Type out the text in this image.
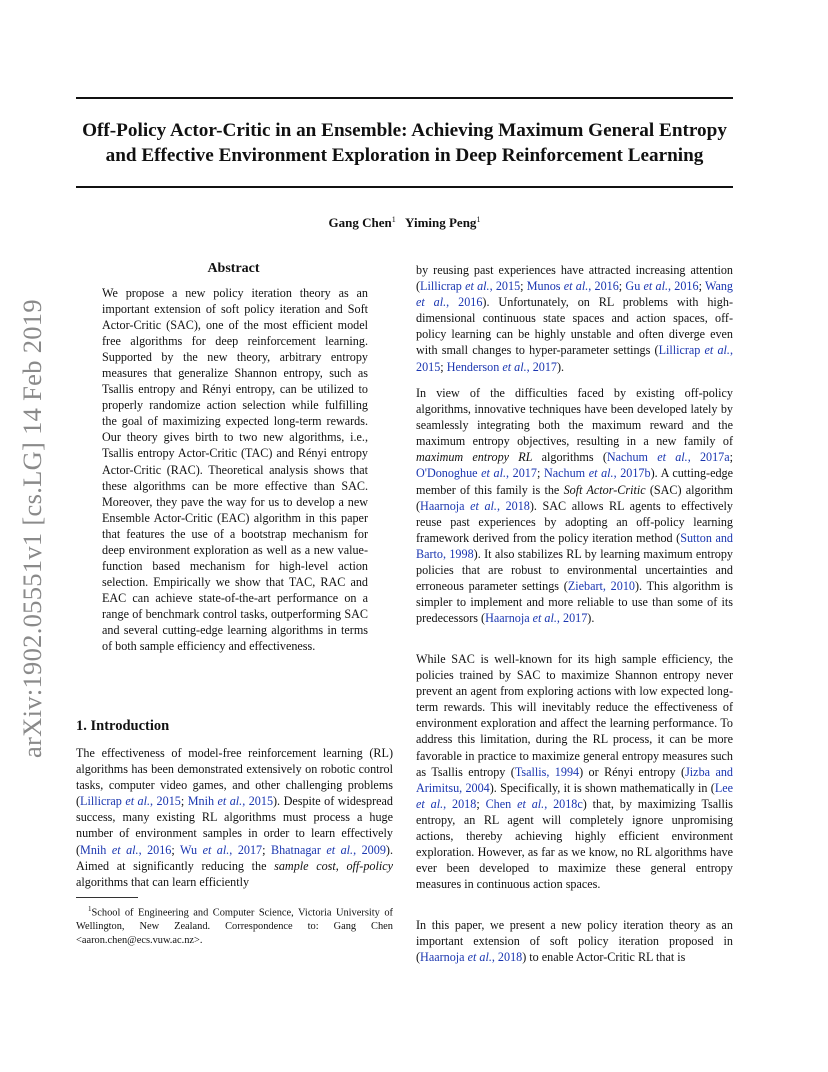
Off-Policy Actor-Critic in an Ensemble: Achieving Maximum General Entropy and Effective Environment Exploration in Deep Reinforcement Learning
Gang Chen$^1$ Yiming Peng$^1$
arXiv:1902.05551v1 [cs.LG] 14 Feb 2019
Abstract

We propose a new policy iteration theory as an important extension of soft policy iteration and Soft Actor-Critic (SAC), one of the most efficient model free algorithms for deep reinforcement learning. Supported by the new theory, arbitrary entropy measures that generalize Shannon entropy, such as Tsallis entropy and Rényi entropy, can be utilized to properly randomize action selection while fulfilling the goal of maximizing expected long-term rewards. Our theory gives birth to two new algorithms, i.e., Tsallis entropy Actor-Critic (TAC) and Rényi entropy Actor-Critic (RAC). Theoretical analysis shows that these algorithms can be more effective than SAC. Moreover, they pave the way for us to develop a new Ensemble Actor-Critic (EAC) algorithm in this paper that features the use of a bootstrap mechanism for deep environment exploration as well as a new value-function based mechanism for high-level action selection. Empirically we show that TAC, RAC and EAC can achieve state-of-the-art performance on a range of benchmark control tasks, outperforming SAC and several cutting-edge learning algorithms in terms of both sample efficiency and effectiveness.

1. Introduction

The effectiveness of model-free reinforcement learning (RL) algorithms has been demonstrated extensively on robotic control tasks, computer video games, and other challenging problems (Lillicrap et al., 2015; Mnih et al., 2015). Despite of widespread success, many existing RL algorithms must process a huge number of environment samples in order to learn effectively (Mnih et al., 2016; Wu et al., 2017; Bhatnagar et al., 2009). Aimed at significantly reducing the sample cost, off-policy algorithms that can learn efficiently

$^1$School of Engineering and Computer Science, Victoria University of Wellington, New Zealand. Correspondence to: Gang Chen <aaron.chen@ecs.vuw.ac.nz>.

by reusing past experiences have attracted increasing attention (Lillicrap et al., 2015; Munos et al., 2016; Gu et al., 2016; Wang et al., 2016). Unfortunately, on RL problems with high-dimensional continuous state spaces and action spaces, off-policy learning can be highly unstable and often diverge even with small changes to hyper-parameter settings (Lillicrap et al., 2015; Henderson et al., 2017).

In view of the difficulties faced by existing off-policy algorithms, innovative techniques have been developed lately by seamlessly integrating both the maximum reward and the maximum entropy objectives, resulting in a new family of maximum entropy RL algorithms (Nachum et al., 2017a; O'Donoghue et al., 2017; Nachum et al., 2017b). A cutting-edge member of this family is the Soft Actor-Critic (SAC) algorithm (Haarnoja et al., 2018). SAC allows RL agents to effectively reuse past experiences by adopting an off-policy learning framework derived from the policy iteration method (Sutton and Barto, 1998). It also stabilizes RL by learning maximum entropy policies that are robust to environmental uncertainties and erroneous parameter settings (Ziebart, 2010). This algorithm is simpler to implement and more reliable to use than some of its predecessors (Haarnoja et al., 2017).

While SAC is well-known for its high sample efficiency, the policies trained by SAC to maximize Shannon entropy never prevent an agent from exploring actions with low expected long-term rewards. This will inevitably reduce the effectiveness of environment exploration and affect the learning performance. To address this limitation, during the RL process, it can be more favorable in practice to maximize general entropy measures such as Tsallis entropy (Tsallis, 1994) or Rényi entropy (Jizba and Arimitsu, 2004). Specifically, it is shown mathematically in (Lee et al., 2018; Chen et al., 2018c) that, by maximizing Tsallis entropy, an RL agent will completely ignore unpromising actions, thereby achieving highly efficient environment exploration. However, as far as we know, no RL algorithms have ever been developed to maximize these general entropy measures in continuous action spaces.

In this paper, we present a new policy iteration theory as an important extension of soft policy iteration proposed in (Haarnoja et al., 2018) to enable Actor-Critic RL that is
